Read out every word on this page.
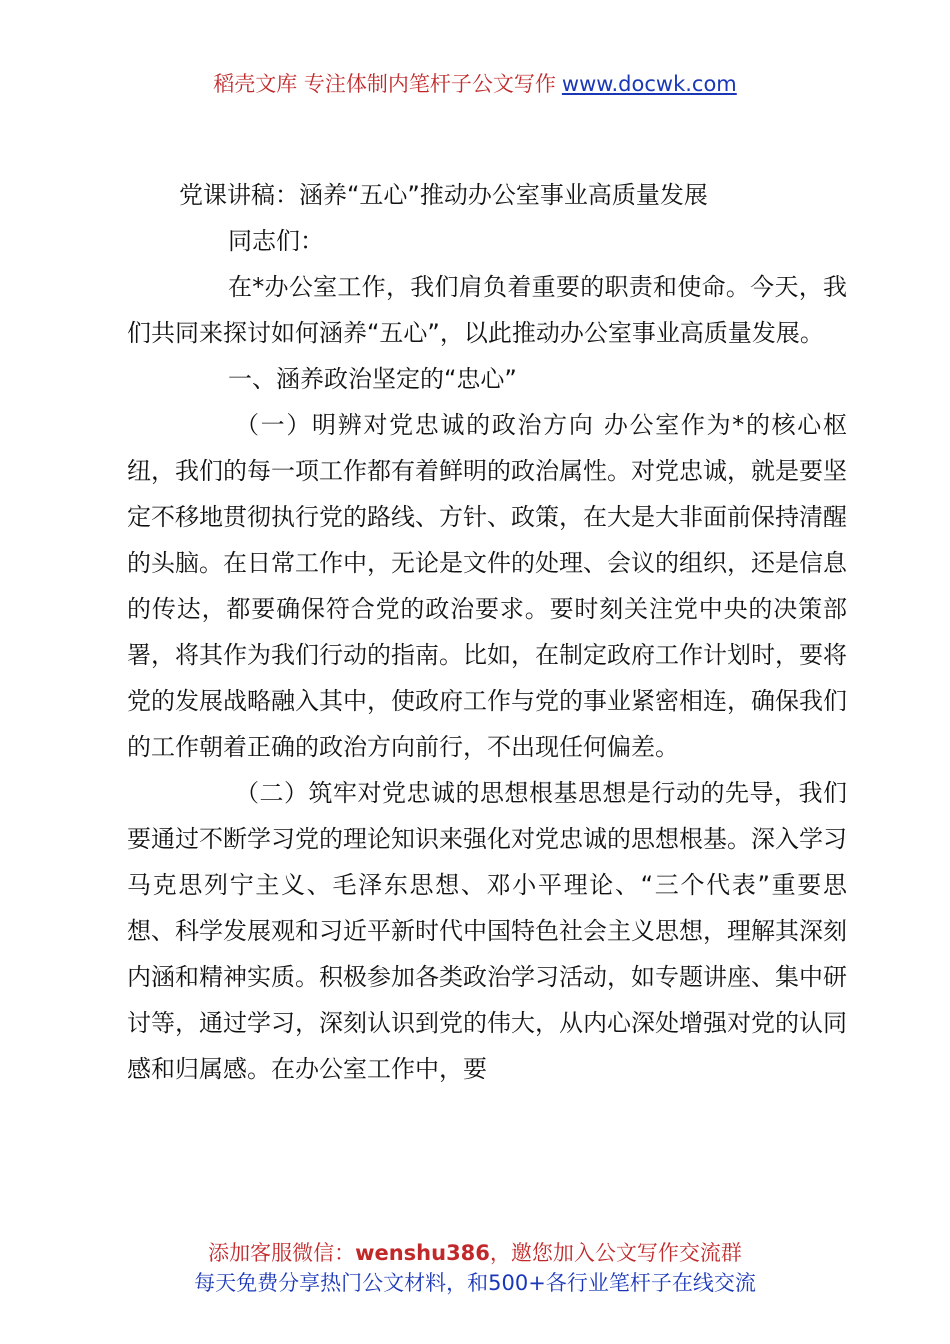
稻壳文库 专注体制内笔杆子公文写作 www.docwk.com

党课讲稿：涵养“五心”推动办公室事业高质量发展

同志们：

在*办公室工作，我们肩负着重要的职责和使命。今天，我们共同来探讨如何涵养“五心”，以此推动办公室事业高质量发展。

一、涵养政治坚定的“忠心”

（一）明辨对党忠诚的政治方向 办公室作为*的核心枢纽，我们的每一项工作都有着鲜明的政治属性。对党忠诚，就是要坚定不移地贯彻执行党的路线、方针、政策，在大是大非面前保持清醒的头脑。在日常工作中，无论是文件的处理、会议的组织，还是信息的传达，都要确保符合党的政治要求。要时刻关注党中央的决策部署，将其作为我们行动的指南。比如，在制定政府工作计划时，要将党的发展战略融入其中，使政府工作与党的事业紧密相连，确保我们的工作朝着正确的政治方向前行，不出现任何偏差。

（二）筑牢对党忠诚的思想根基思想是行动的先导，我们要通过不断学习党的理论知识来强化对党忠诚的思想根基。深入学习马克思列宁主义、毛泽东思想、邓小平理论、“三个代表”重要思想、科学发展观和习近平新时代中国特色社会主义思想，理解其深刻内涵和精神实质。积极参加各类政治学习活动，如专题讲座、集中研讨等，通过学习，深刻认识到党的伟大，从内心深处增强对党的认同感和归属感。在办公室工作中，要

添加客服微信：wenshu386，邀您加入公文写作交流群
每天免费分享热门公文材料，和500+各行业笔杆子在线交流
